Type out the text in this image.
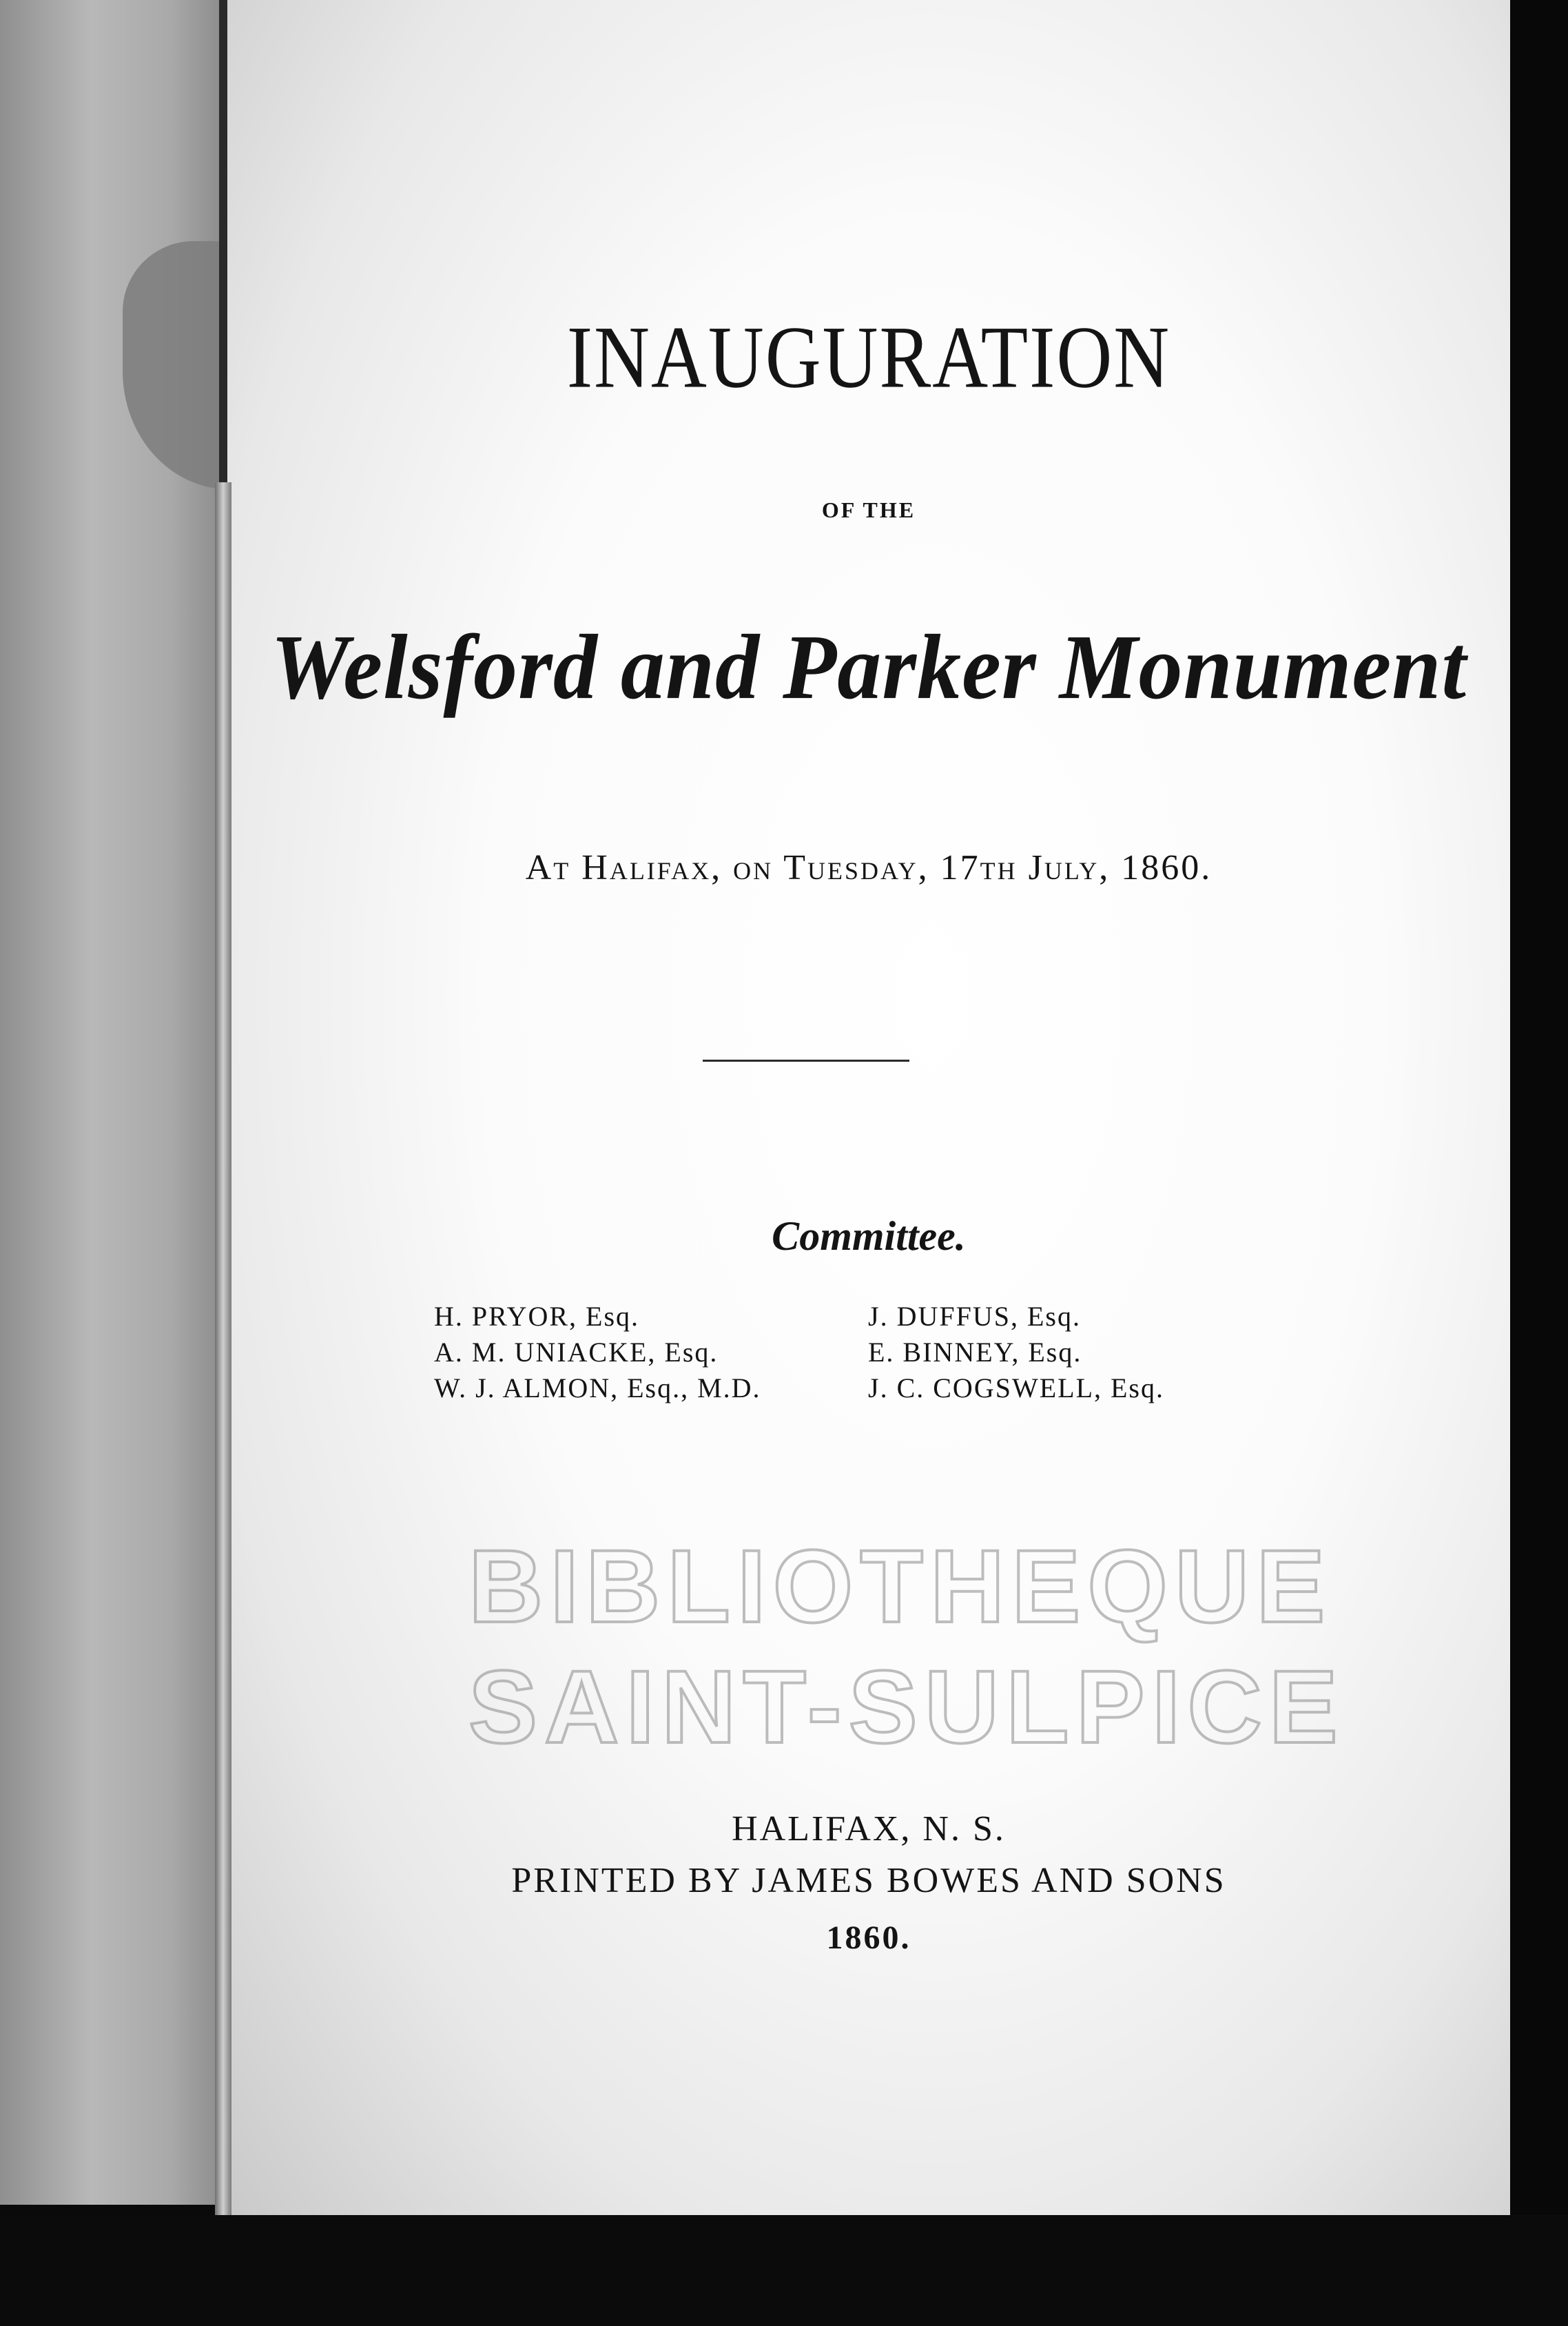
INAUGURATION
OF THE
Welsford and Parker Monument
At Halifax, on Tuesday, 17th July, 1860.
Committee.
H. PRYOR, Esq.
A. M. UNIACKE, Esq.
W. J. ALMON, Esq., M.D.
J. DUFFUS, Esq.
E. BINNEY, Esq.
J. C. COGSWELL, Esq.
BIBLIOTHEQUE
SAINT-SULPICE
HALIFAX, N. S.
PRINTED BY JAMES BOWES AND SONS
1860.
